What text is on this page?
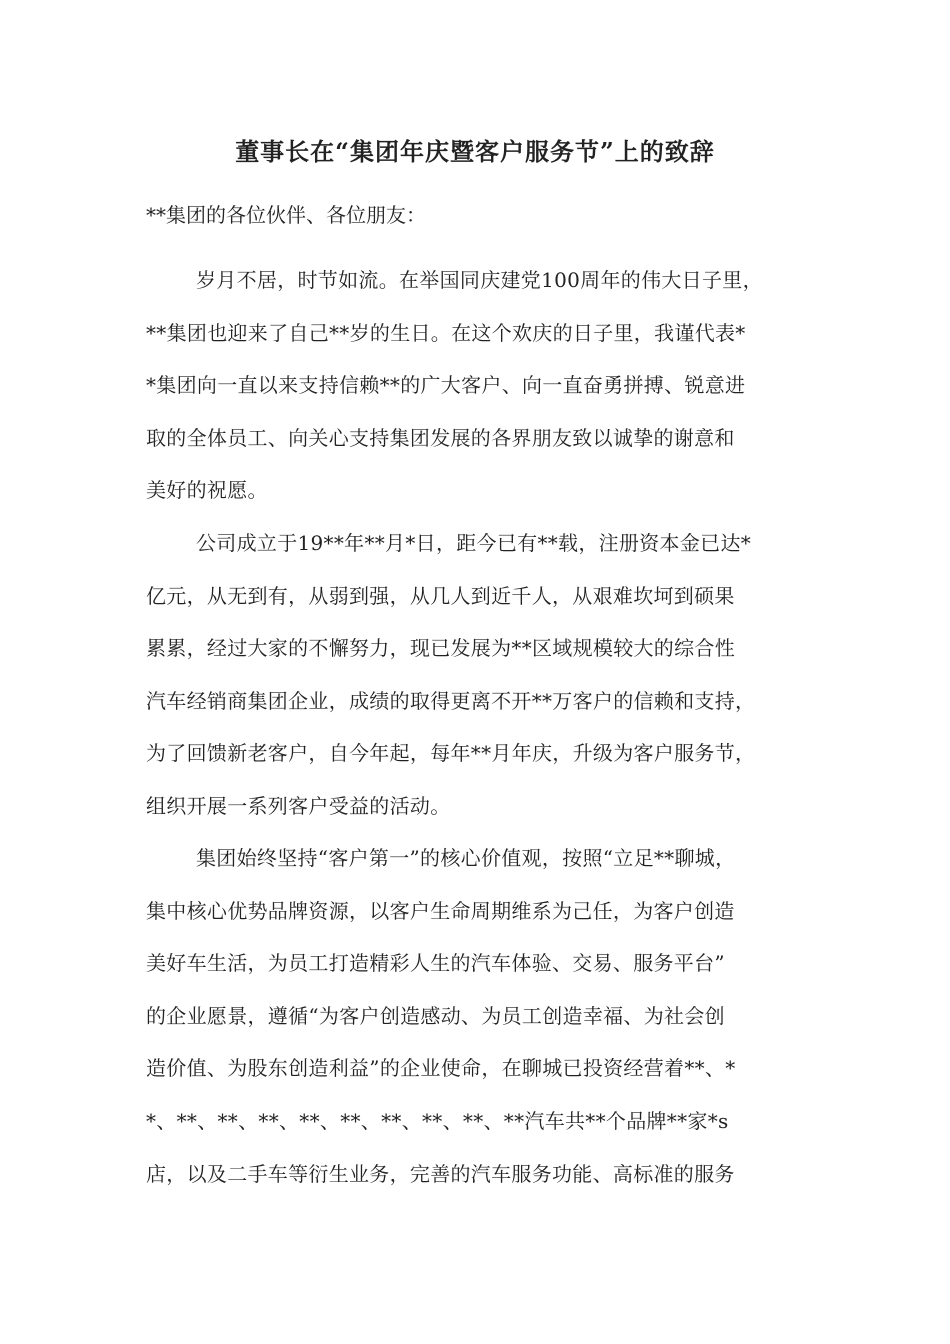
董事长在“集团年庆暨客户服务节”上的致辞

**集团的各位伙伴、各位朋友：

岁月不居，时节如流。在举国同庆建党100周年的伟大日子里，
**集团也迎来了自己**岁的生日。在这个欢庆的日子里，我谨代表*
*集团向一直以来支持信赖**的广大客户、向一直奋勇拼搏、锐意进
取的全体员工、向关心支持集团发展的各界朋友致以诚挚的谢意和
美好的祝愿。
公司成立于19**年**月*日，距今已有**载，注册资本金已达*
亿元，从无到有，从弱到强，从几人到近千人，从艰难坎坷到硕果
累累，经过大家的不懈努力，现已发展为**区域规模较大的综合性
汽车经销商集团企业，成绩的取得更离不开**万客户的信赖和支持，
为了回馈新老客户，自今年起，每年**月年庆，升级为客户服务节，
组织开展一系列客户受益的活动。
集团始终坚持“客户第一”的核心价值观，按照“立足**聊城，
集中核心优势品牌资源，以客户生命周期维系为己任，为客户创造
美好车生活，为员工打造精彩人生的汽车体验、交易、服务平台”
的企业愿景，遵循“为客户创造感动、为员工创造幸福、为社会创
造价值、为股东创造利益”的企业使命，在聊城已投资经营着**、*
*、**、**、**、**、**、**、**、**、**汽车共**个品牌**家*s
店，以及二手车等衍生业务，完善的汽车服务功能、高标准的服务
